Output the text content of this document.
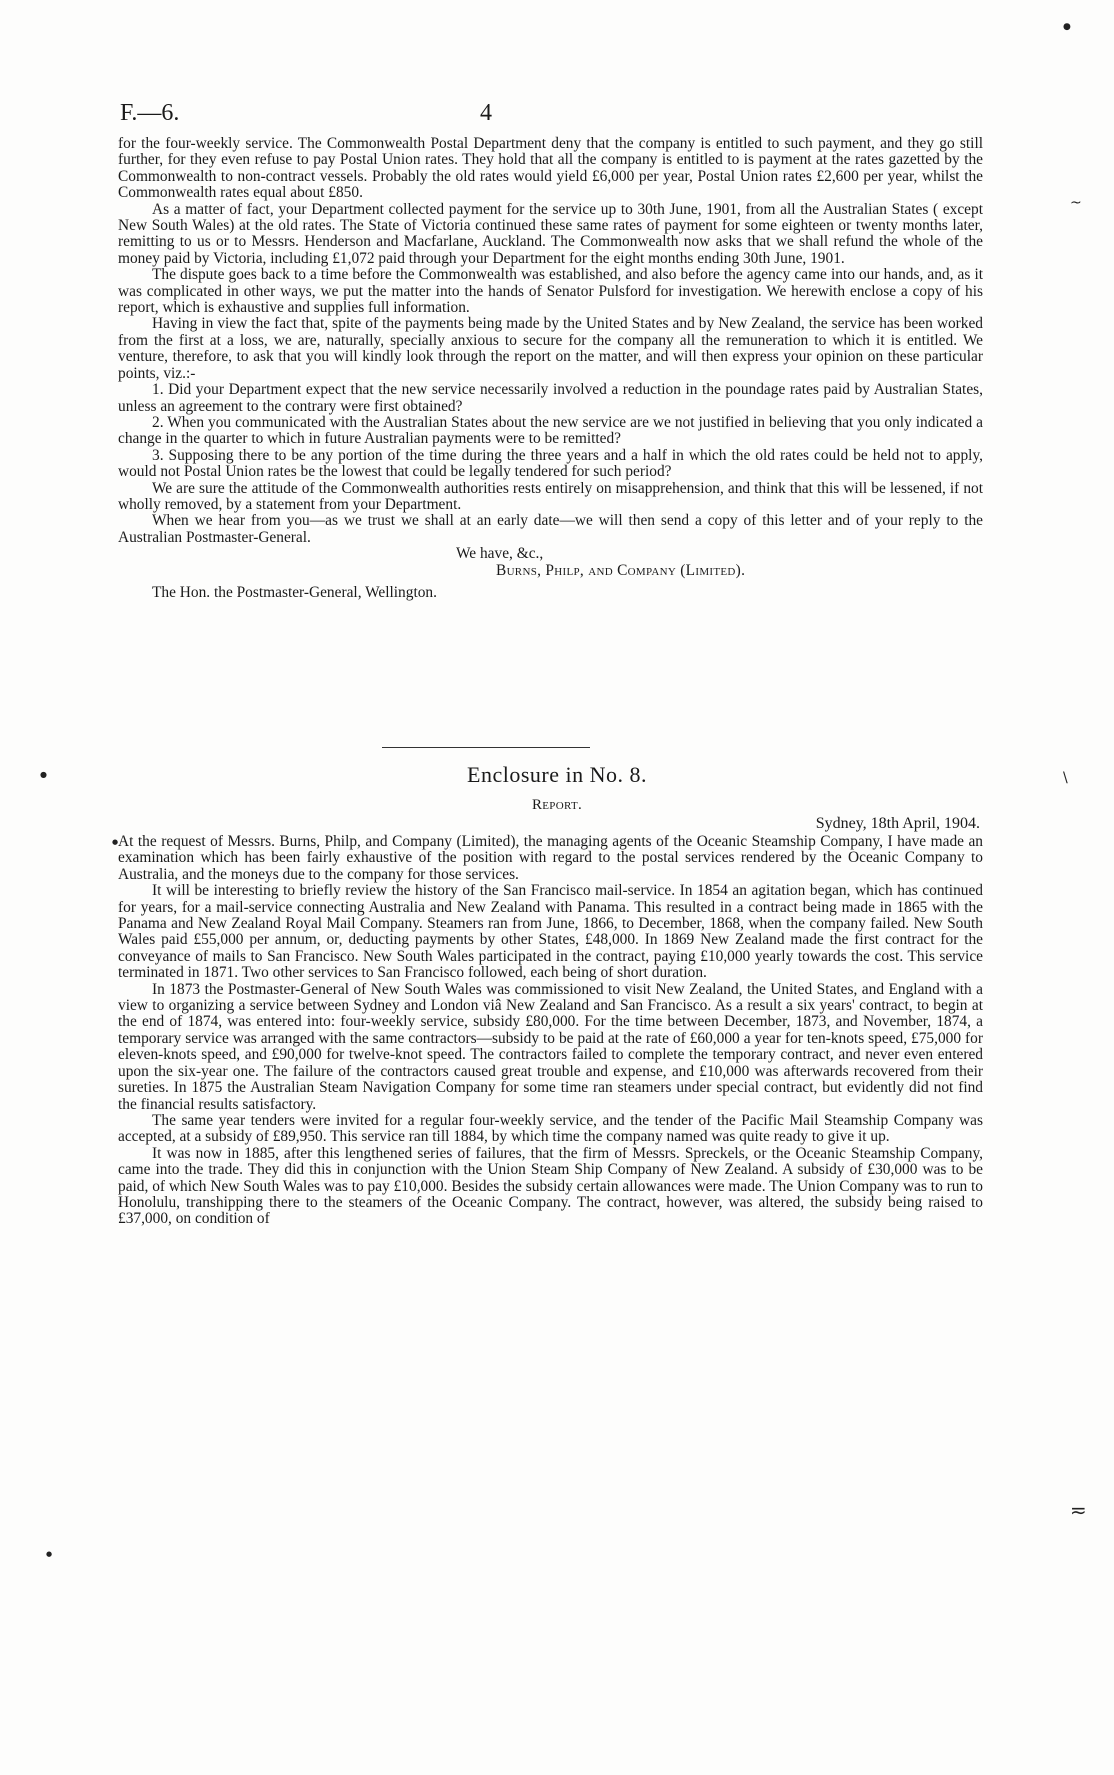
F.—6.	4

for the four-weekly service. The Commonwealth Postal Department deny that the company is entitled to such payment, and they go still further, for they even refuse to pay Postal Union rates. They hold that all the company is entitled to is payment at the rates gazetted by the Commonwealth to non-contract vessels. Probably the old rates would yield £6,000 per year, Postal Union rates £2,600 per year, whilst the Commonwealth rates equal about £850.

As a matter of fact, your Department collected payment for the service up to 30th June, 1901, from all the Australian States ( except New South Wales) at the old rates. The State of Victoria continued these same rates of payment for some eighteen or twenty months later, remitting to us or to Messrs. Henderson and Macfarlane, Auckland. The Commonwealth now asks that we shall refund the whole of the money paid by Victoria, including £1,072 paid through your Department for the eight months ending 30th June, 1901.

The dispute goes back to a time before the Commonwealth was established, and also before the agency came into our hands, and, as it was complicated in other ways, we put the matter into the hands of Senator Pulsford for investigation. We herewith enclose a copy of his report, which is exhaustive and supplies full information.

Having in view the fact that, spite of the payments being made by the United States and by New Zealand, the service has been worked from the first at a loss, we are, naturally, specially anxious to secure for the company all the remuneration to which it is entitled. We venture, therefore, to ask that you will kindly look through the report on the matter, and will then express your opinion on these particular points, viz.:-

1. Did your Department expect that the new service necessarily involved a reduction in the poundage rates paid by Australian States, unless an agreement to the contrary were first obtained?

2. When you communicated with the Australian States about the new service are we not justified in believing that you only indicated a change in the quarter to which in future Australian payments were to be remitted?

3. Supposing there to be any portion of the time during the three years and a half in which the old rates could be held not to apply, would not Postal Union rates be the lowest that could be legally tendered for such period?

We are sure the attitude of the Commonwealth authorities rests entirely on misapprehension, and think that this will be lessened, if not wholly removed, by a statement from your Department.

When we hear from you—as we trust we shall at an early date—we will then send a copy of this letter and of your reply to the Australian Postmaster-General.

We have, &c.,

Burns, Philp, and Company (Limited).

The Hon. the Postmaster-General, Wellington.

Enclosure in No. 8.
Report.
Sydney, 18th April, 1904.

At the request of Messrs. Burns, Philp, and Company (Limited), the managing agents of the Oceanic Steamship Company, I have made an examination which has been fairly exhaustive of the position with regard to the postal services rendered by the Oceanic Company to Australia, and the moneys due to the company for those services.

It will be interesting to briefly review the history of the San Francisco mail-service. In 1854 an agitation began, which has continued for years, for a mail-service connecting Australia and New Zealand with Panama. This resulted in a contract being made in 1865 with the Panama and New Zealand Royal Mail Company. Steamers ran from June, 1866, to December, 1868, when the company failed. New South Wales paid £55,000 per annum, or, deducting payments by other States, £48,000. In 1869 New Zealand made the first contract for the conveyance of mails to San Francisco. New South Wales participated in the contract, paying £10,000 yearly towards the cost. This service terminated in 1871. Two other services to San Francisco followed, each being of short duration.

In 1873 the Postmaster-General of New South Wales was commissioned to visit New Zealand, the United States, and England with a view to organizing a service between Sydney and London viâ New Zealand and San Francisco. As a result a six years' contract, to begin at the end of 1874, was entered into: four-weekly service, subsidy £80,000. For the time between December, 1873, and November, 1874, a temporary service was arranged with the same contractors—subsidy to be paid at the rate of £60,000 a year for ten-knots speed, £75,000 for eleven-knots speed, and £90,000 for twelve-knot speed. The contractors failed to complete the temporary contract, and never even entered upon the six-year one. The failure of the contractors caused great trouble and expense, and £10,000 was afterwards recovered from their sureties. In 1875 the Australian Steam Navigation Company for some time ran steamers under special contract, but evidently did not find the financial results satisfactory.

The same year tenders were invited for a regular four-weekly service, and the tender of the Pacific Mail Steamship Company was accepted, at a subsidy of £89,950. This service ran till 1884, by which time the company named was quite ready to give it up.

It was now in 1885, after this lengthened series of failures, that the firm of Messrs. Spreckels, or the Oceanic Steamship Company, came into the trade. They did this in conjunction with the Union Steam Ship Company of New Zealand. A subsidy of £30,000 was to be paid, of which New South Wales was to pay £10,000. Besides the subsidy certain allowances were made. The Union Company was to run to Honolulu, transhipping there to the steamers of the Oceanic Company. The contract, however, was altered, the subsidy being raised to £37,000, on condition of

●
~
●	\
●
≂
●
